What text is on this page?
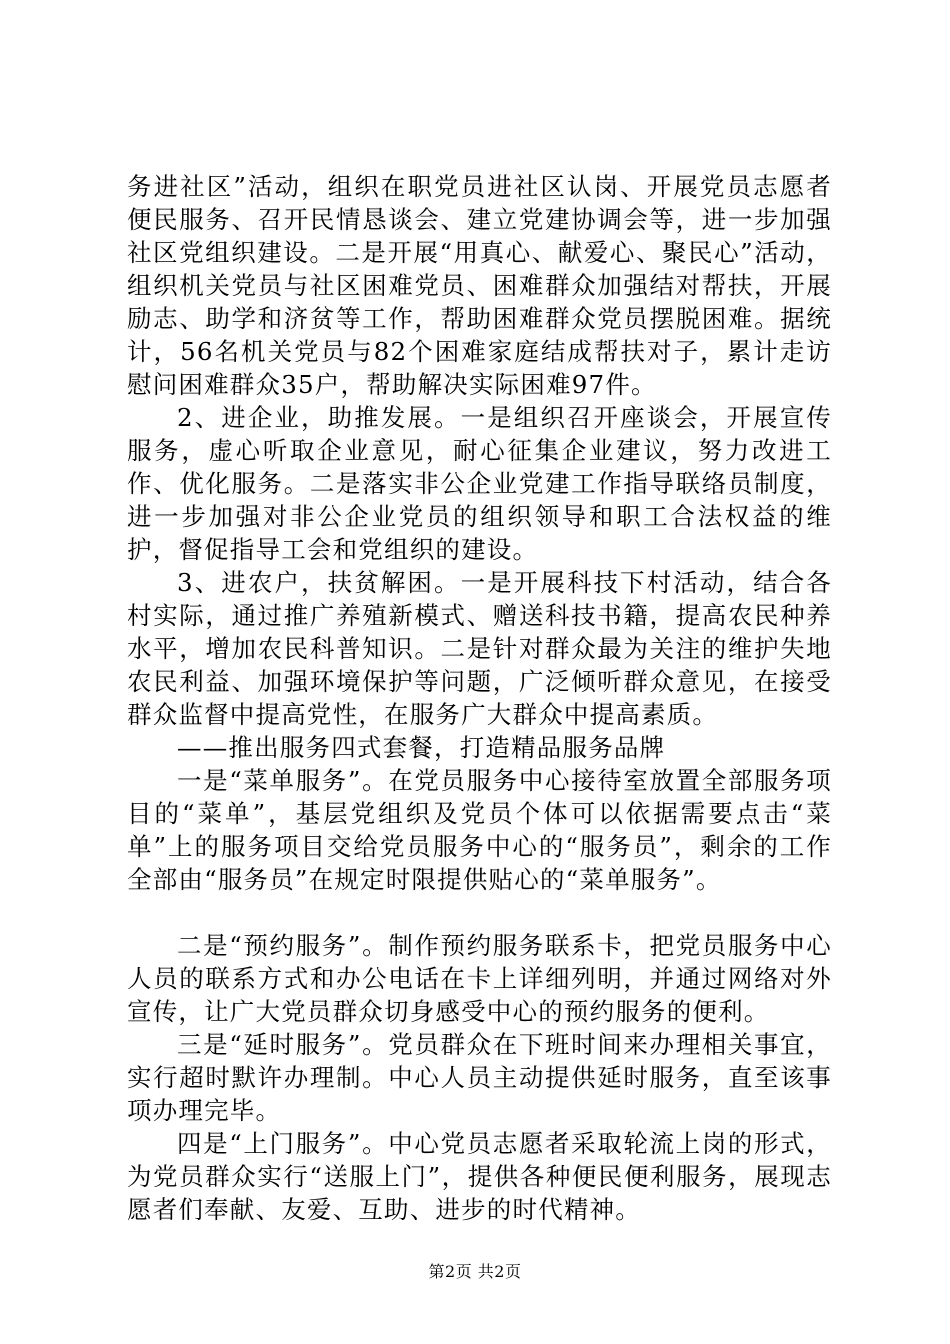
务进社区”活动，组织在职党员进社区认岗、开展党员志愿者便民服务、召开民情恳谈会、建立党建协调会等，进一步加强社区党组织建设。二是开展“用真心、献爱心、聚民心”活动，组织机关党员与社区困难党员、困难群众加强结对帮扶，开展励志、助学和济贫等工作，帮助困难群众党员摆脱困难。据统计，56名机关党员与82个困难家庭结成帮扶对子，累计走访慰问困难群众35户，帮助解决实际困难97件。

2、进企业，助推发展。一是组织召开座谈会，开展宣传服务，虚心听取企业意见，耐心征集企业建议，努力改进工作、优化服务。二是落实非公企业党建工作指导联络员制度，进一步加强对非公企业党员的组织领导和职工合法权益的维护，督促指导工会和党组织的建设。

3、进农户，扶贫解困。一是开展科技下村活动，结合各村实际，通过推广养殖新模式、赠送科技书籍，提高农民种养水平，增加农民科普知识。二是针对群众最为关注的维护失地农民利益、加强环境保护等问题，广泛倾听群众意见，在接受群众监督中提高党性，在服务广大群众中提高素质。

——推出服务四式套餐，打造精品服务品牌

一是“菜单服务”。在党员服务中心接待室放置全部服务项目的“菜单”，基层党组织及党员个体可以依据需要点击“菜单”上的服务项目交给党员服务中心的“服务员”，剩余的工作全部由“服务员”在规定时限提供贴心的“菜单服务”。

二是“预约服务”。制作预约服务联系卡，把党员服务中心人员的联系方式和办公电话在卡上详细列明，并通过网络对外宣传，让广大党员群众切身感受中心的预约服务的便利。

三是“延时服务”。党员群众在下班时间来办理相关事宜，实行超时默许办理制。中心人员主动提供延时服务，直至该事项办理完毕。

四是“上门服务”。中心党员志愿者采取轮流上岗的形式，为党员群众实行“送服上门”，提供各种便民便利服务，展现志愿者们奉献、友爱、互助、进步的时代精神。

第2页 共2页
